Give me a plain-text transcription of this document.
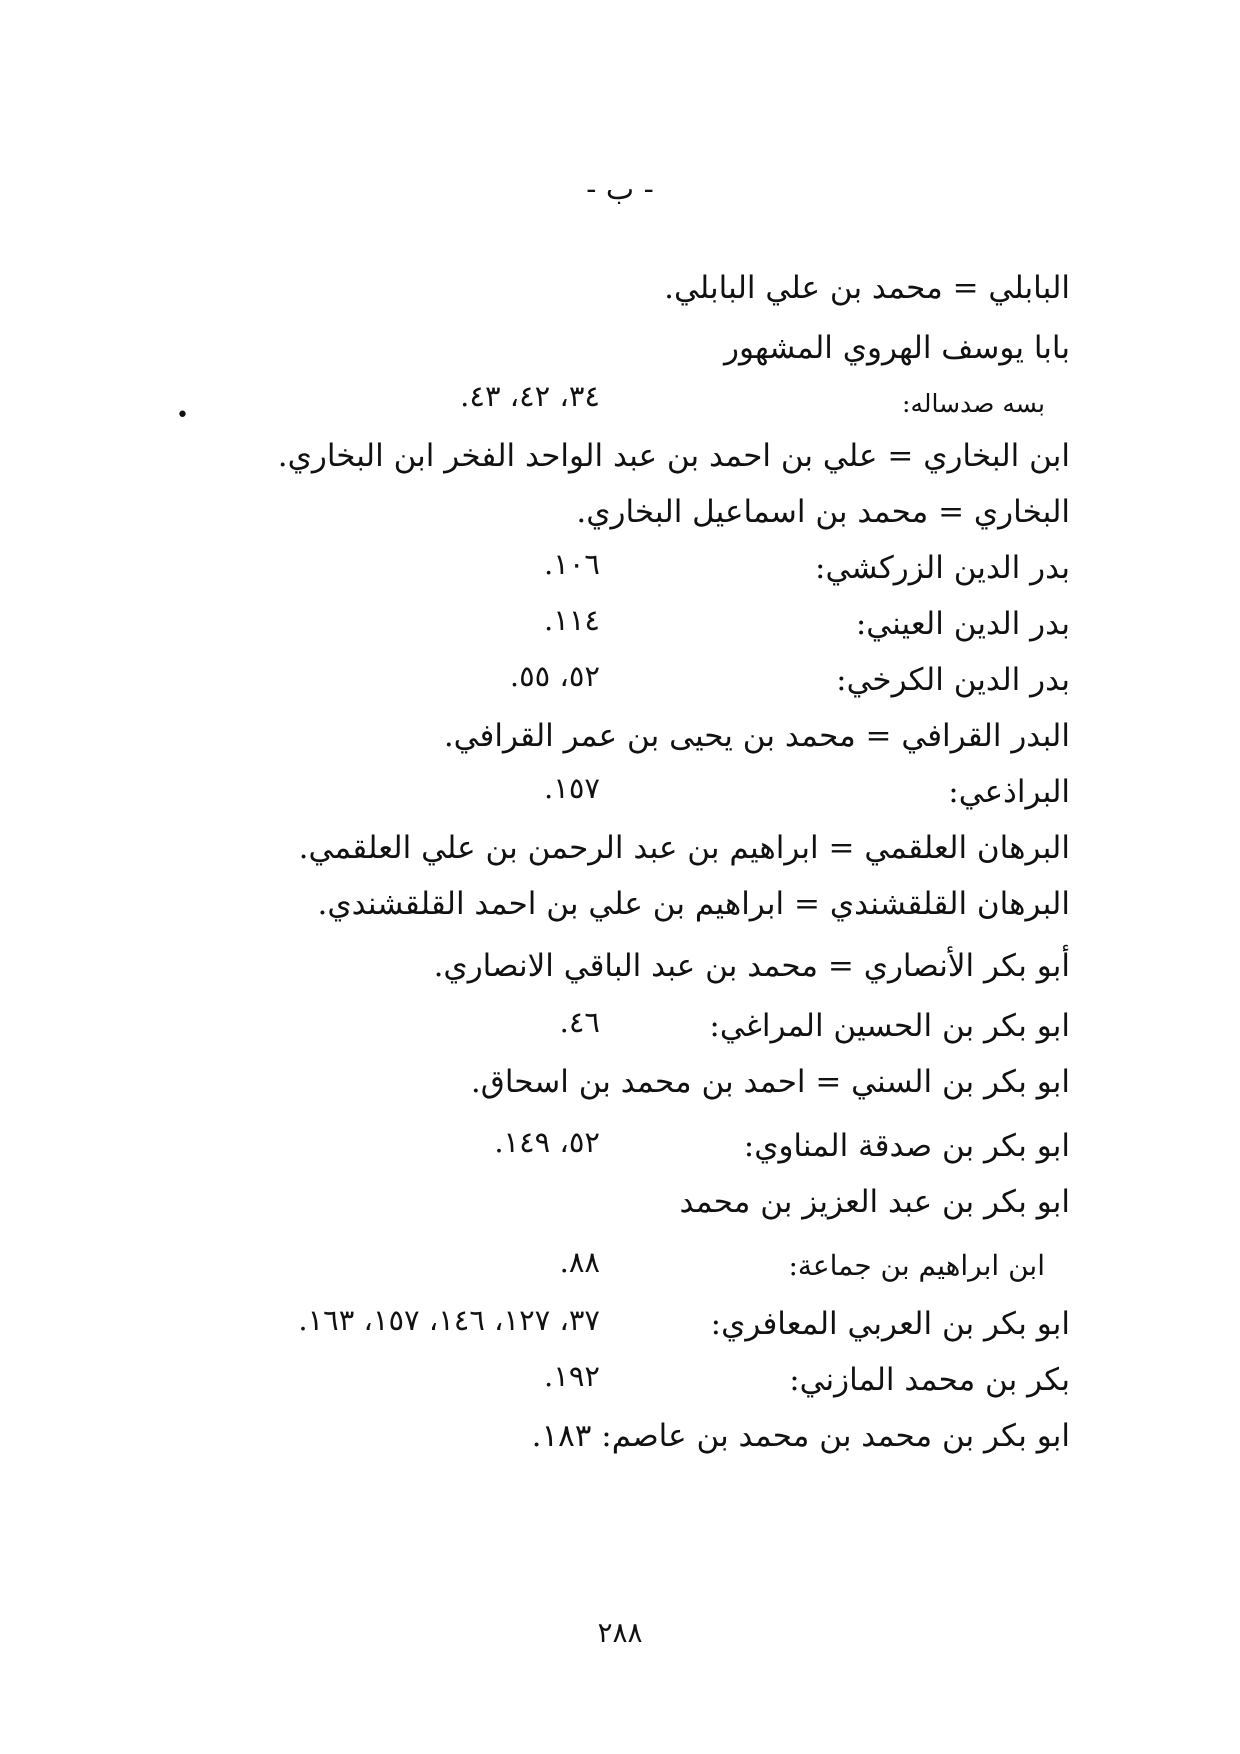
- ب -
•
البابلي = محمد بن علي البابلي.
بابا يوسف الهروي المشهور
بسه صدساله:
٣٤، ٤٢، ٤٣.
ابن البخاري = علي بن احمد بن عبد الواحد الفخر ابن البخاري.
البخاري = محمد بن اسماعيل البخاري.
بدر الدين الزركشي:
١٠٦.
بدر الدين العيني:
١١٤.
بدر الدين الكرخي:
٥٢، ٥٥.
البدر القرافي = محمد بن يحيى بن عمر القرافي.
البراذعي:
١٥٧.
البرهان العلقمي = ابراهيم بن عبد الرحمن بن علي العلقمي.
البرهان القلقشندي = ابراهيم بن علي بن احمد القلقشندي.
أبو بكر الأنصاري = محمد بن عبد الباقي الانصاري.
ابو بكر بن الحسين المراغي:
٤٦.
ابو بكر بن السني = احمد بن محمد بن اسحاق.
ابو بكر بن صدقة المناوي:
٥٢، ١٤٩.
ابو بكر بن عبد العزيز بن محمد
ابن ابراهيم بن جماعة:
٨٨.
ابو بكر بن العربي المعافري:
٣٧، ١٢٧، ١٤٦، ١٥٧، ١٦٣.
بكر بن محمد المازني:
١٩٢.
ابو بكر بن محمد بن محمد بن عاصم: ١٨٣.
٢٨٨
